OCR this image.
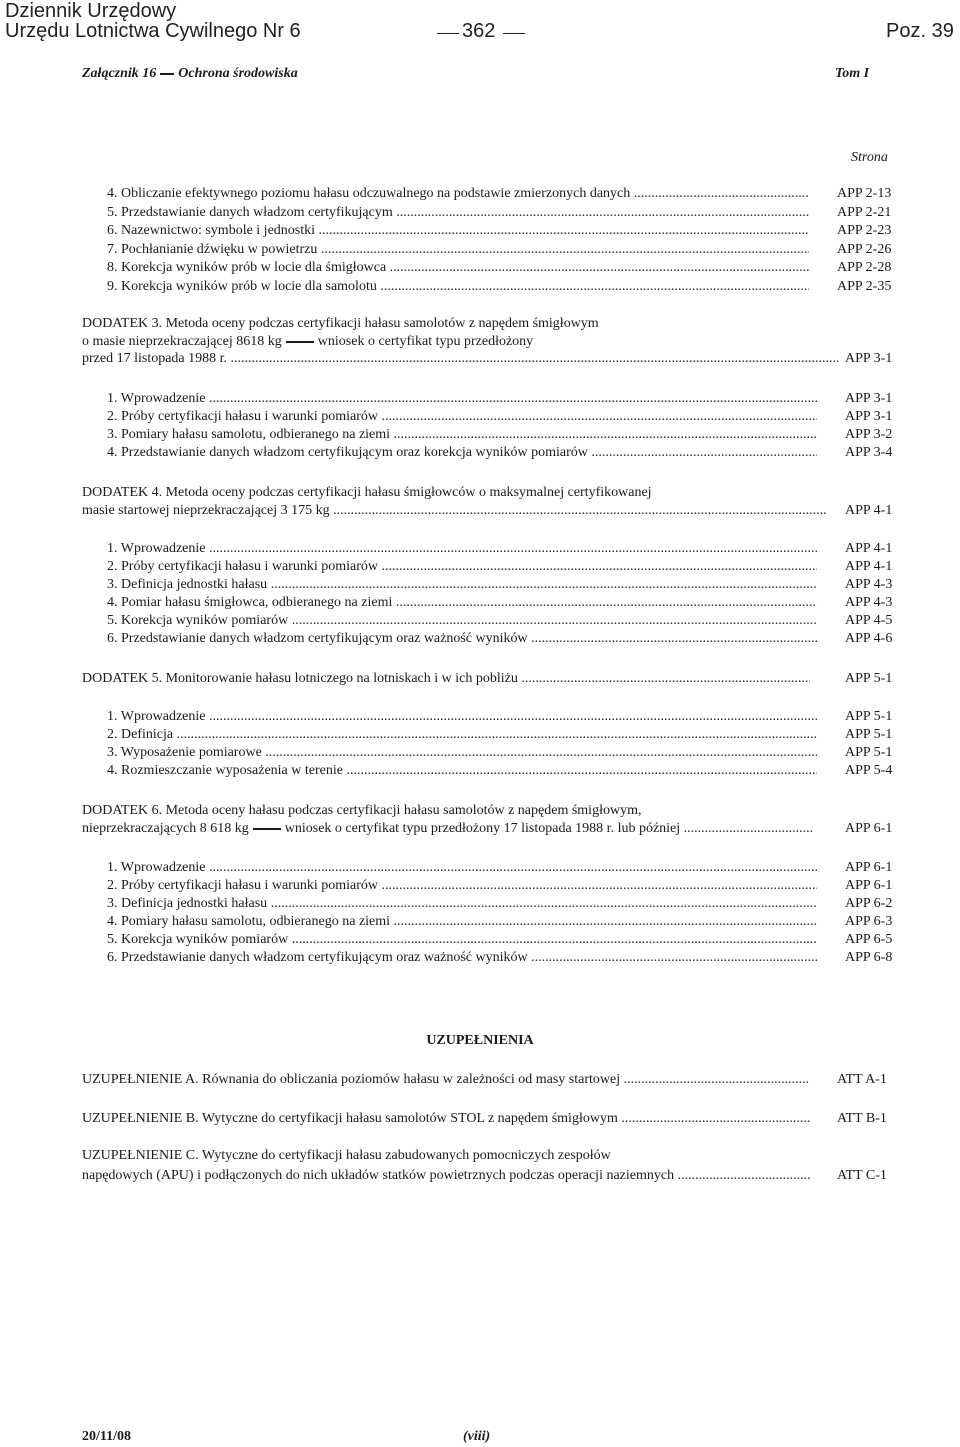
Dziennik Urzędowy
Urzędu Lotnictwa Cywilnego Nr 6	362	Poz. 39
Załącznik 16 Ochrona środowiska	Tom I
Strona
4. Obliczanie efektywnego poziomu hałasu odczuwalnego na podstawie zmierzonych danych .....	APP 2-13
5. Przedstawianie danych władzom certyfikującym .....	APP 2-21
6. Nazewnictwo: symbole i jednostki .....	APP 2-23
7. Pochłanianie dźwięku w powietrzu .....	APP 2-26
8. Korekcja wyników prób w locie dla śmigłowca .....	APP 2-28
9. Korekcja wyników prób w locie dla samolotu .....	APP 2-35
DODATEK 3. Metoda oceny podczas certyfikacji hałasu samolotów z napędem śmigłowym
o masie nieprzekraczającej 8618 kg	wniosek o certyfikat typu przedłożony
przed 17 listopada 1988 r. .....	APP 3-1
1. Wprowadzenie .....	APP 3-1
2. Próby certyfikacji hałasu i warunki pomiarów .....	APP 3-1
3. Pomiary hałasu samolotu, odbieranego na ziemi .....	APP 3-2
4. Przedstawianie danych władzom certyfikującym oraz korekcja wyników pomiarów .....	APP 3-4
DODATEK 4. Metoda oceny podczas certyfikacji hałasu śmigłowców o maksymalnej certyfikowanej
masie startowej nieprzekraczającej 3 175 kg .....	APP 4-1
1. Wprowadzenie .....	APP 4-1
2. Próby certyfikacji hałasu i warunki pomiarów .....	APP 4-1
3. Definicja jednostki hałasu .....	APP 4-3
4. Pomiar hałasu śmigłowca, odbieranego na ziemi .....	APP 4-3
5. Korekcja wyników pomiarów .....	APP 4-5
6. Przedstawianie danych władzom certyfikującym oraz ważność wyników .....	APP 4-6
DODATEK 5. Monitorowanie hałasu lotniczego na lotniskach i w ich pobliżu .....	APP 5-1
1. Wprowadzenie .....	APP 5-1
2. Definicja .....	APP 5-1
3. Wyposażenie pomiarowe .....	APP 5-1
4. Rozmieszczanie wyposażenia w terenie .....	APP 5-4
DODATEK 6. Metoda oceny hałasu podczas certyfikacji hałasu samolotów z napędem śmigłowym,
nieprzekraczających 8 618 kg	wniosek o certyfikat typu przedłożony 17 listopada 1988 r. lub później .....	APP 6-1
1. Wprowadzenie .....	APP 6-1
2. Próby certyfikacji hałasu i warunki pomiarów .....	APP 6-1
3. Definicja jednostki hałasu .....	APP 6-2
4. Pomiary hałasu samolotu, odbieranego na ziemi .....	APP 6-3
5. Korekcja wyników pomiarów .....	APP 6-5
6. Przedstawianie danych władzom certyfikującym oraz ważność wyników .....	APP 6-8
UZUPEŁNIENIA
UZUPEŁNIENIE A. Równania do obliczania poziomów hałasu w zależności od masy startowej .....	ATT A-1
UZUPEŁNIENIE B. Wytyczne do certyfikacji hałasu samolotów STOL z napędem śmigłowym .....	ATT B-1
UZUPEŁNIENIE C. Wytyczne do certyfikacji hałasu zabudowanych pomocniczych zespołów
napędowych (APU) i podłączonych do nich układów statków powietrznych podczas operacji naziemnych .....	ATT C-1
20/11/08	(viii)
